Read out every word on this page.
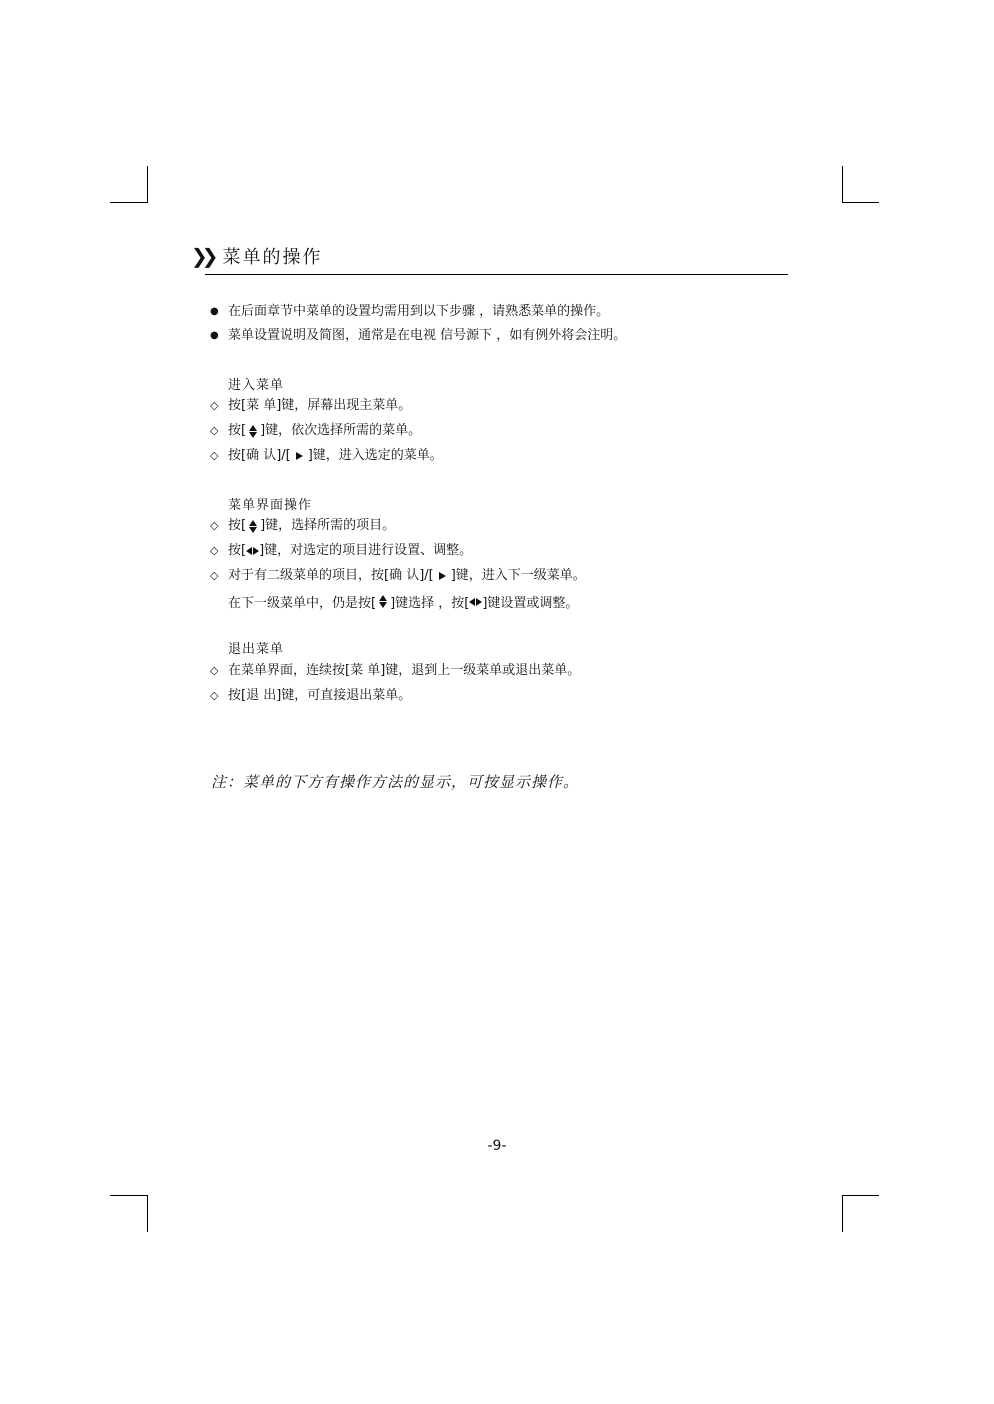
❯❯ 菜单的操作
● 在后面章节中菜单的设置均需用到以下步骤 ，请熟悉菜单的操作。
● 菜单设置说明及简图，通常是在电视 信号源下 ，如有例外将会注明。
进入菜单
◇ 按[菜 单]键，屏幕出现主菜单。
◇ 按[ ]键，依次选择所需的菜单。
◇ 按[确 认]/[ ]键，进入选定的菜单。
菜单界面操作
◇ 按[ ]键，选择所需的项目。
◇ 按[ ]键，对选定的项目进行设置、调整。
◇ 对于有二级菜单的项目，按[确 认]/[ ]键，进入下一级菜单。
在下一级菜单中，仍是按[ ]键选择 ，按[ ]键设置或调整。
退出菜单
◇ 在菜单界面，连续按[菜 单]键，退到上一级菜单或退出菜单。
◇ 按[退 出]键，可直接退出菜单。
注：菜单的下方有操作方法的显示，可按显示操作。
-9-
